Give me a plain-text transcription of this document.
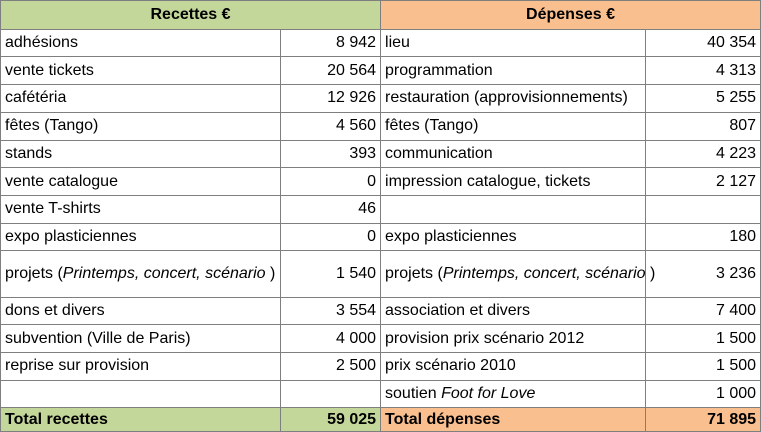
Recettes €		Dépenses €	
adhésions	8 942	lieu	40 354
vente tickets	20 564	programmation	4 313
cafétéria	12 926	restauration (approvisionnements)	5 255
fêtes (Tango)	4 560	fêtes (Tango)	807
stands	393	communication	4 223
vente catalogue	0	impression catalogue, tickets	2 127
vente T-shirts	46		
expo plasticiennes	0	expo plasticiennes	180
projets (Printemps, concert, scénario )	1 540	projets (Printemps, concert, scénario )	3 236
dons et divers	3 554	association et divers	7 400
subvention (Ville de Paris)	4 000	provision prix scénario 2012	1 500
reprise sur provision	2 500	prix scénario 2010	1 500
		soutien Foot for Love	1 000
Total recettes	59 025	Total dépenses	71 895
